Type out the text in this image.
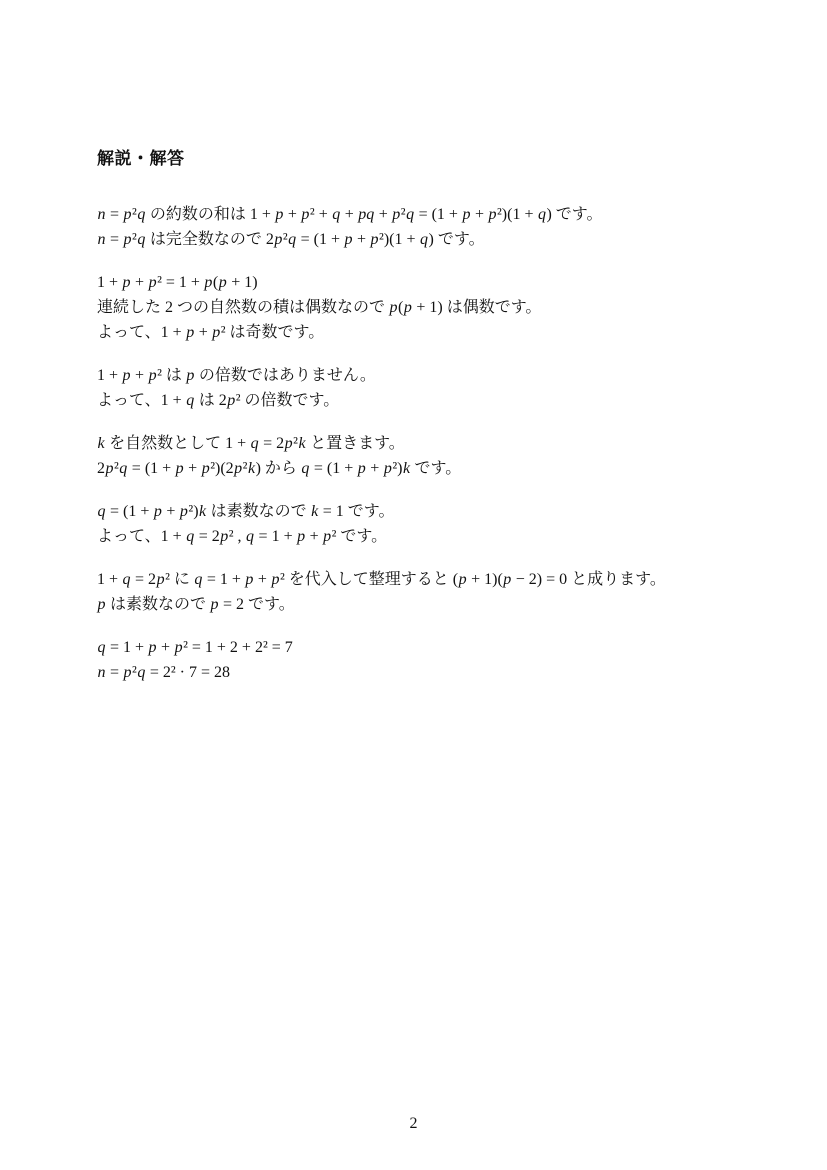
解説・解答
n = p²q の約数の和は 1 + p + p² + q + pq + p²q = (1 + p + p²)(1 + q) です。
n = p²q は完全数なので 2p²q = (1 + p + p²)(1 + q) です。
1 + p + p² = 1 + p(p + 1)
連続した 2 つの自然数の積は偶数なので p(p + 1) は偶数です。
よって、1 + p + p² は奇数です。
1 + p + p² は p の倍数ではありません。
よって、1 + q は 2p² の倍数です。
k を自然数として 1 + q = 2p²k と置きます。
2p²q = (1 + p + p²)(2p²k) から q = (1 + p + p²)k です。
q = (1 + p + p²)k は素数なので k = 1 です。
よって、1 + q = 2p² , q = 1 + p + p² です。
1 + q = 2p² に q = 1 + p + p² を代入して整理すると (p + 1)(p − 2) = 0 と成ります。
p は素数なので p = 2 です。
q = 1 + p + p² = 1 + 2 + 2² = 7
n = p²q = 2² · 7 = 28
2
